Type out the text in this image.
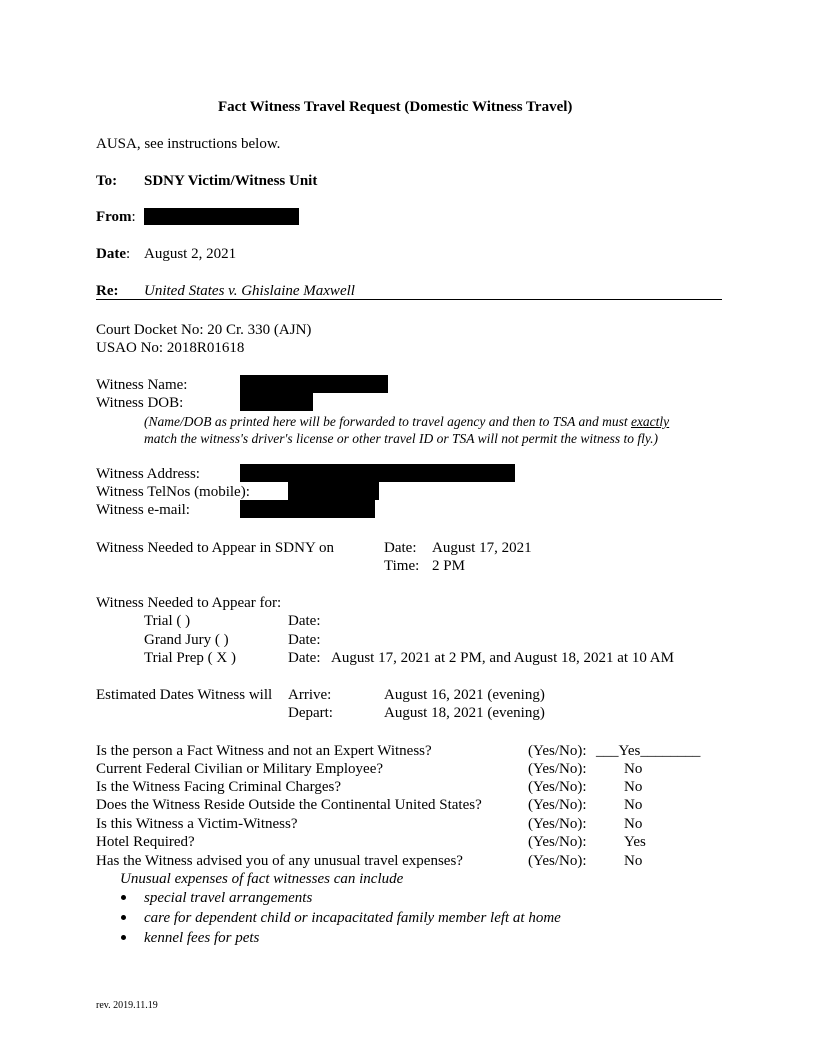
Fact Witness Travel Request (Domestic Witness Travel)
AUSA, see instructions below.
To: SDNY Victim/Witness Unit
From:
Date: August 2, 2021
Re: United States v. Ghislaine Maxwell
Court Docket No: 20 Cr. 330 (AJN)
USAO No: 2018R01618
Witness Name:
Witness DOB:
(Name/DOB as printed here will be forwarded to travel agency and then to TSA and must exactly
match the witness's driver's license or other travel ID or TSA will not permit the witness to fly.)
Witness Address:
Witness TelNos (mobile):
Witness e-mail:
Witness Needed to Appear in SDNY on	Date: August 17, 2021
Time: 2 PM
Witness Needed to Appear for:
Trial ( )	Date:
Grand Jury ( )	Date:
Trial Prep ( X )	Date: August 17, 2021 at 2 PM, and August 18, 2021 at 10 AM
Estimated Dates Witness will Arrive:	August 16, 2021 (evening)
Depart:	August 18, 2021 (evening)
Is the person a Fact Witness and not an Expert Witness?	(Yes/No): ___Yes________
Current Federal Civilian or Military Employee?	(Yes/No):	No
Is the Witness Facing Criminal Charges?	(Yes/No):	No
Does the Witness Reside Outside the Continental United States?	(Yes/No):	No
Is this Witness a Victim-Witness?	(Yes/No):	No
Hotel Required?	(Yes/No):	Yes
Has the Witness advised you of any unusual travel expenses?	(Yes/No):	No
Unusual expenses of fact witnesses can include
special travel arrangements
care for dependent child or incapacitated family member left at home
kennel fees for pets
rev. 2019.11.19
